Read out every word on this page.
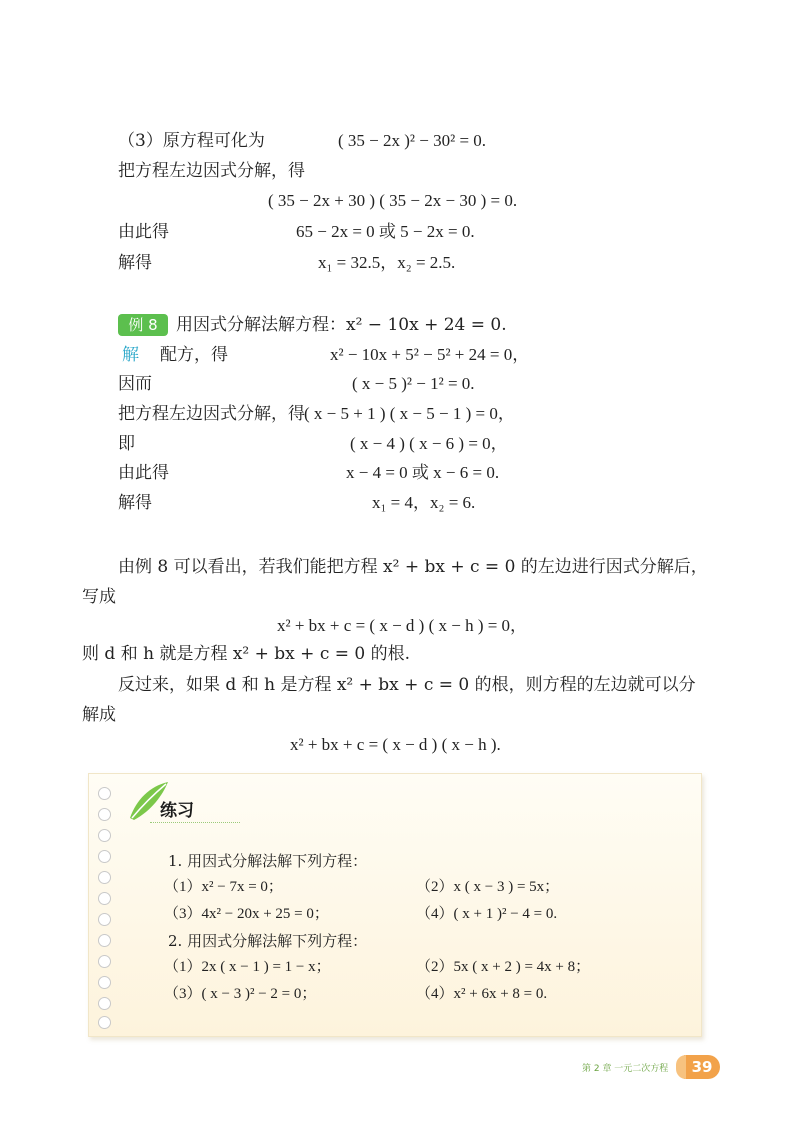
（3）原方程可化为	( 35 − 2x )² − 30² = 0.
把方程左边因式分解，得
( 35 − 2x + 30 ) ( 35 − 2x − 30 ) = 0.
由此得	65 − 2x = 0 或 5 − 2x = 0.
解得	x₁ = 32.5，x₂ = 2.5.
例 8	用因式分解法解方程：x² − 10x + 24 = 0.
解 配方，得	x² − 10x + 5² − 5² + 24 = 0，
因而	( x − 5 )² − 1² = 0.
把方程左边因式分解，得 ( x − 5 + 1 ) ( x − 5 − 1 ) = 0，
即	( x − 4 ) ( x − 6 ) = 0，
由此得	x − 4 = 0 或 x − 6 = 0.
解得	x₁ = 4，x₂ = 6.
由例 8 可以看出，若我们能把方程 x² + bx + c = 0 的左边进行因式分解后，
写成
x² + bx + c = ( x − d ) ( x − h ) = 0，
则 d 和 h 就是方程 x² + bx + c = 0 的根.
反过来，如果 d 和 h 是方程 x² + bx + c = 0 的根，则方程的左边就可以分
解成
x² + bx + c = ( x − d ) ( x − h ).
练习
1. 用因式分解法解下列方程：
（1）x² − 7x = 0；	（2）x ( x − 3 ) = 5x；
（3）4x² − 20x + 25 = 0；	（4）( x + 1 )² − 4 = 0.
2. 用因式分解法解下列方程：
（1）2x ( x − 1 ) = 1 − x；	（2）5x ( x + 2 ) = 4x + 8；
（3）( x − 3 )² − 2 = 0；	（4）x² + 6x + 8 = 0.
第 2 章 一元二次方程	39
